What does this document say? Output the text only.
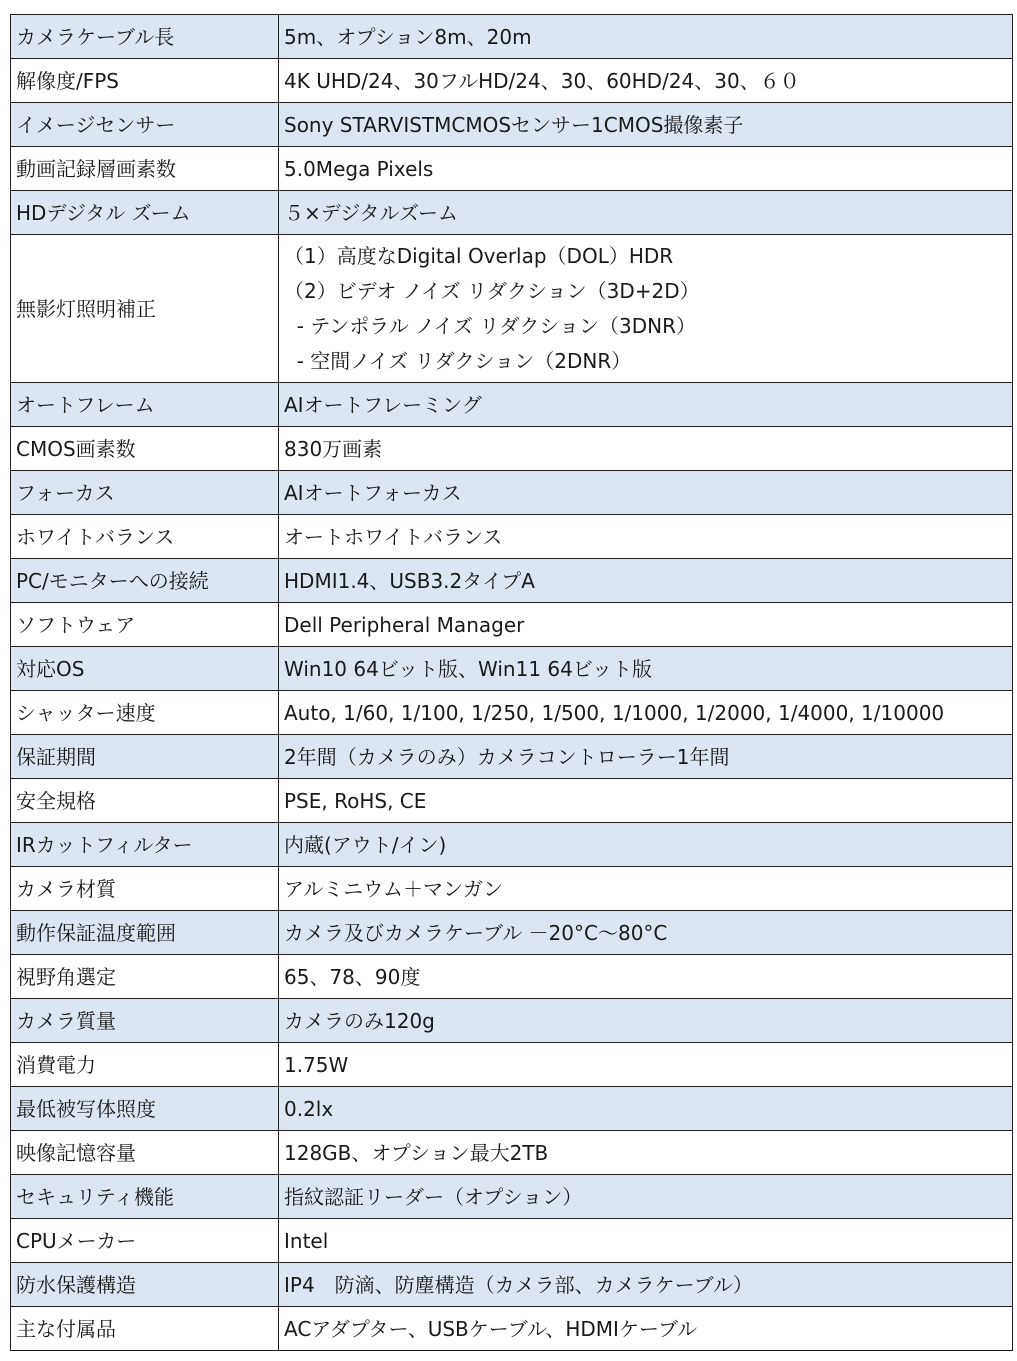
カメラケーブル長	5m、オプション8m、20m

解像度/FPS	4K UHD/24、30フルHD/24、30、60HD/24、30、６０

イメージセンサー	Sony STARVISTMCMOSセンサー1CMOS撮像素子

動画記録層画素数	5.0Mega Pixels

HDデジタル ズーム	５×デジタルズーム

無影灯照明補正	（1）高度なDigital Overlap（DOL）HDR
（2）ビデオ ノイズ リダクション（3D+2D）
- テンポラル ノイズ リダクション（3DNR）
- 空間ノイズ リダクション（2DNR）

オートフレーム	AIオートフレーミング

CMOS画素数	830万画素

フォーカス	AIオートフォーカス

ホワイトバランス	オートホワイトバランス

PC/モニターへの接続	HDMI1.4、USB3.2タイプA

ソフトウェア	Dell Peripheral Manager

対応OS	Win10 64ビット版、Win11 64ビット版

シャッター速度	Auto, 1/60, 1/100, 1/250, 1/500, 1/1000, 1/2000, 1/4000, 1/10000

保証期間	2年間（カメラのみ）カメラコントローラー1年間

安全規格	PSE, RoHS, CE

IRカットフィルター	内蔵(アウト/イン)

カメラ材質	アルミニウム＋マンガン

動作保証温度範囲	カメラ及びカメラケーブル －20°C～80°C

視野角選定	65、78、90度

カメラ質量	カメラのみ120g

消費電力	1.75W

最低被写体照度	0.2lx

映像記憶容量	128GB、オプション最大2TB

セキュリティ機能	指紋認証リーダー（オプション）

CPUメーカー	Intel

防水保護構造	IP4　防滴、防塵構造（カメラ部、カメラケーブル）

主な付属品	ACアダプター、USBケーブル、HDMIケーブル
